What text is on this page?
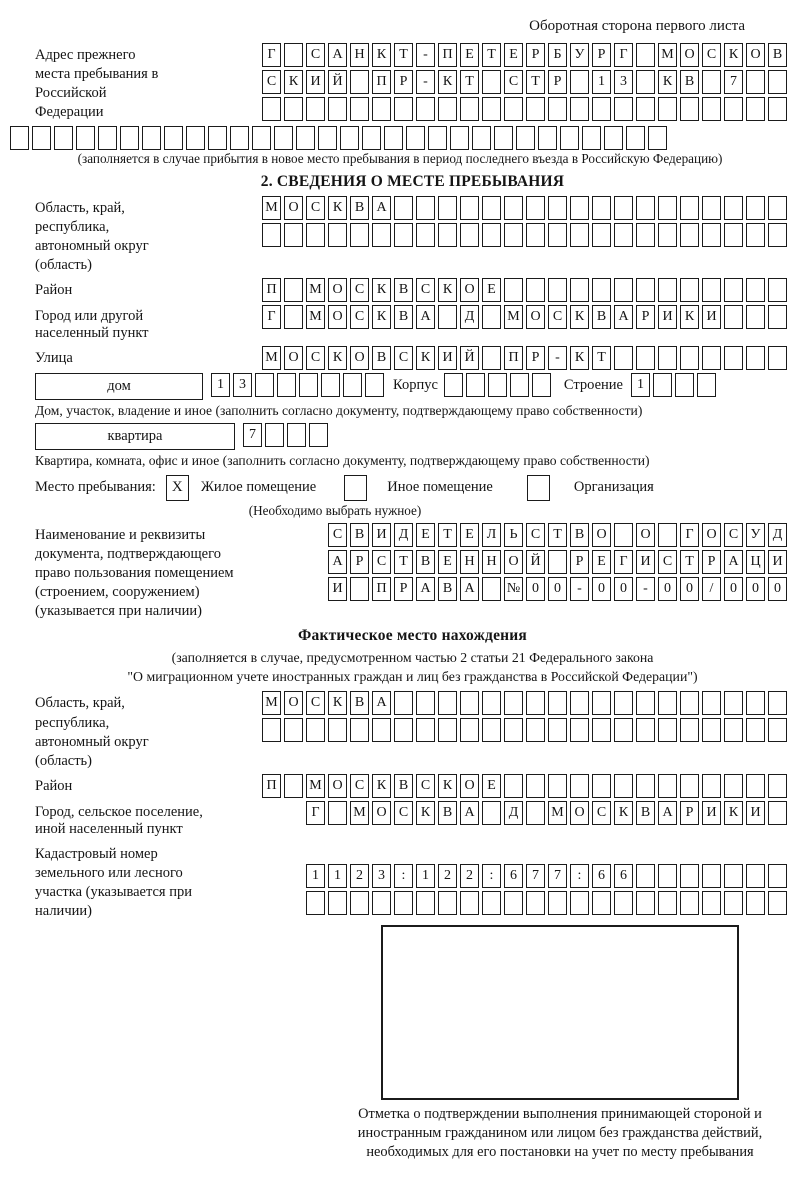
Оборотная сторона первого листа
Адрес прежнего места пребывания в Российской Федерации
Г	С А Н К Т	-	П Е Т Е Р	Б У Р	Г	М О С К О В
С К И Й	П Р	-	К Т	С Т Р	1	3	К В	7
(заполняется в случае прибытия в новое место пребывания в период последнего въезда в Российскую Федерацию)
2. СВЕДЕНИЯ О МЕСТЕ ПРЕБЫВАНИЯ
Область, край, республика, автономный округ (область)
М О С К В А
Район	П	М О С К В С К О Е
Город или другой населенный пункт
Г	М О С К В А	Д	М О С К В А Р И К И
Улица	М О С К О В С К И Й	П Р	-	К Т
дом	1	3	Корпус	Строение	1
Дом, участок, владение и иное (заполнить согласно документу, подтверждающему право собственности)
квартира	7
Квартира, комната, офис и иное (заполнить согласно документу, подтверждающему право собственности)
Место пребывания:	X	Жилое помещение	Иное помещение	Организация
(Необходимо выбрать нужное)
Наименование и реквизиты документа, подтверждающего право пользования помещением (строением, сооружением) (указывается при наличии)
С В И Д Е Т Е Л Ь С Т В О	О	Г О С У Д
А Р С Т В Е Н Н О Й	Р Е Г И С Т Р А Ц И
И	П Р А В А	№ 0	0	-	0	0	-	0	0	/	0	0	0
Фактическое место нахождения
(заполняется в случае, предусмотренном частью 2 статьи 21 Федерального закона
"О миграционном учете иностранных граждан и лиц без гражданства в Российской Федерации")
Область, край, республика, автономный округ (область)
М О С К В А
Район	П	М О С К В С К О Е
Город, сельское поселение, иной населенный пункт
Г	М О С К В А	Д	М О С К В А Р И К И
Кадастровый номер земельного или лесного участка (указывается при наличии)
1	1	2	3	:	1	2	2	:	6	7	7	:	6	6
Отметка о подтверждении выполнения принимающей стороной и иностранным гражданином или лицом без гражданства действий, необходимых для его постановки на учет по месту пребывания
